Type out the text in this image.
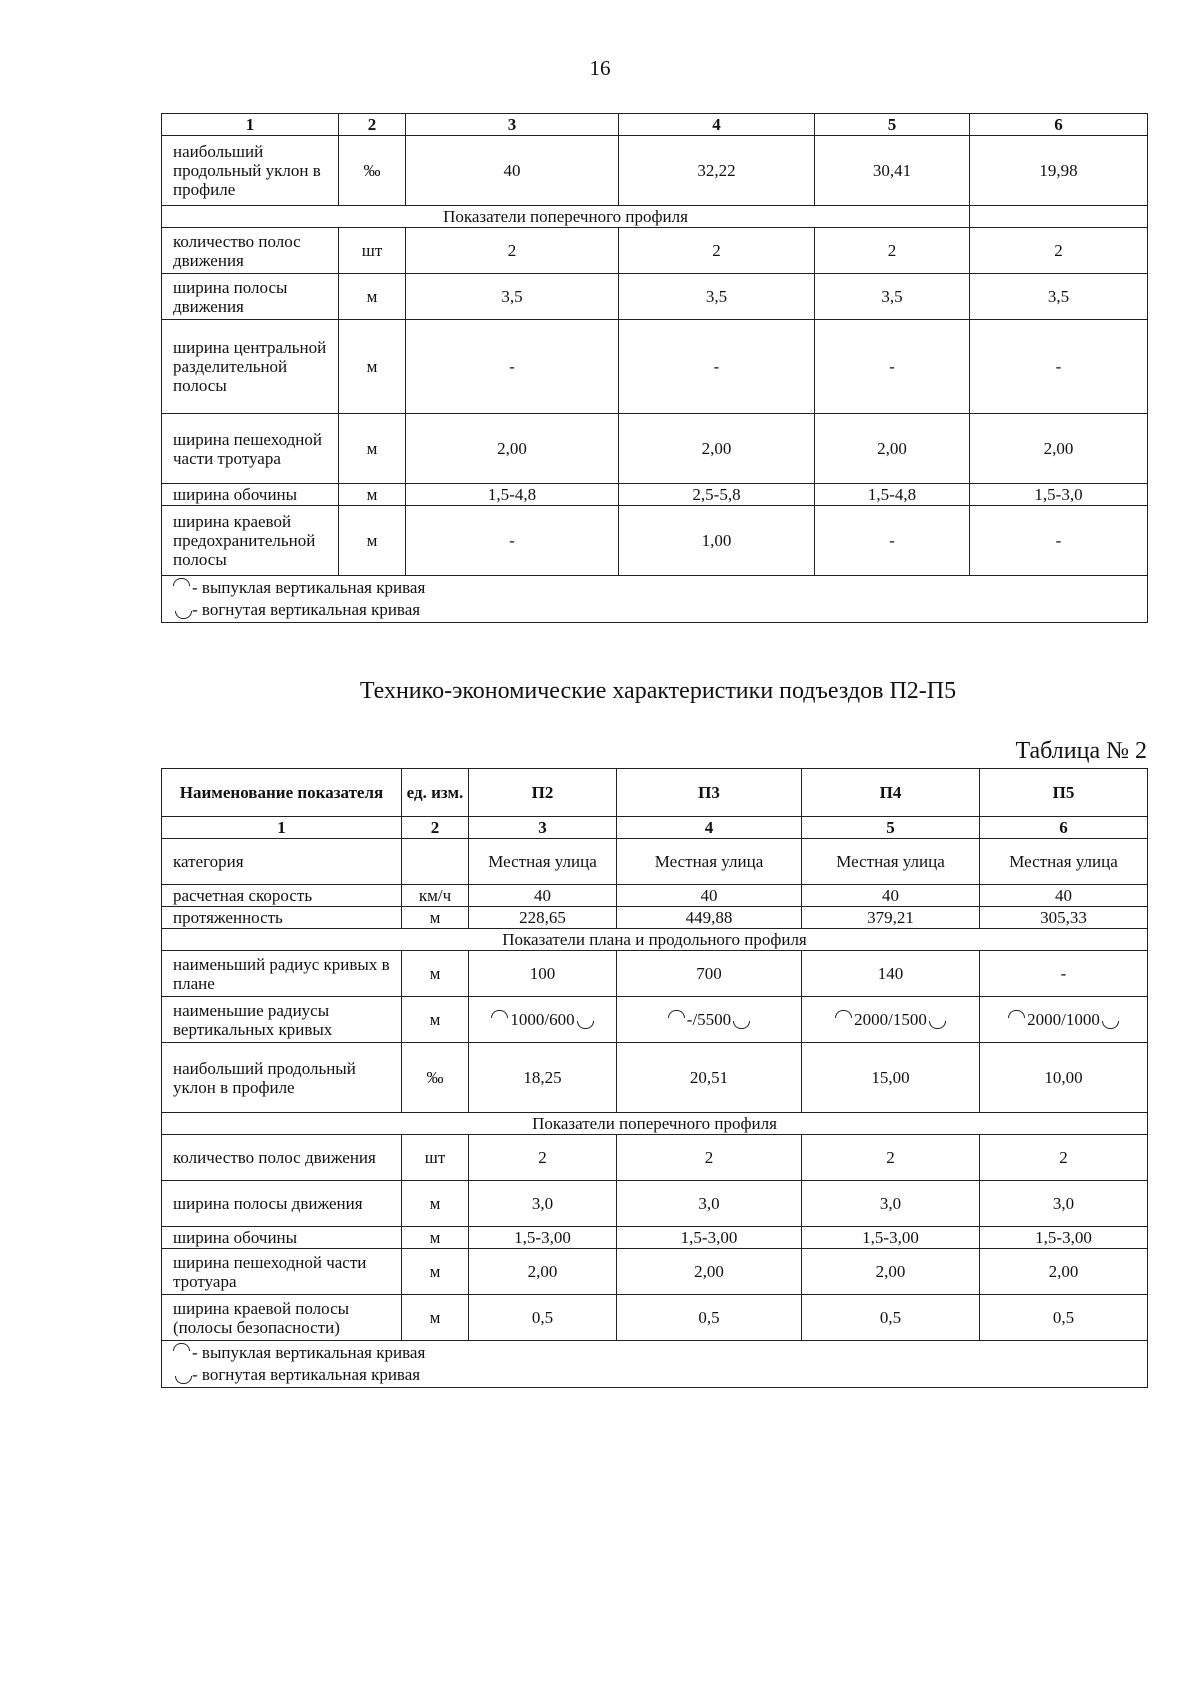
16
1	2	3	4	5	6
наибольший продольный уклон в профиле	‰	40	32,22	30,41	19,98
Показатели поперечного профиля					
количество полос движения	шт	2	2	2	2
ширина полосы движения	м	3,5	3,5	3,5	3,5
ширина центральной разделительной полосы	м	-	-	-	-
ширина пешеходной части тротуара	м	2,00	2,00	2,00	2,00
ширина обочины	м	1,5-4,8	2,5-5,8	1,5-4,8	1,5-3,0
ширина краевой предохранительной полосы	м	-	1,00	-	-

- выпуклая вертикальная кривая
- вогнутая вертикальная кривая					
Технико-экономические характеристики подъездов П2-П5
Таблица № 2
Наименование показателя	ед. изм.	П2	П3	П4	П5
1	2	3	4	5	6
категория		Местная улица	Местная улица	Местная улица	Местная улица
расчетная скорость	км/ч	40	40	40	40
протяженность	м	228,65	449,88	379,21	305,33
Показатели плана и продольного профиля					
наименьший радиус кривых в плане	м	100	700	140	-
наименьшие радиусы вертикальных кривых	м	1000/600	-/5500	2000/1500	2000/1000
наибольший продольный уклон в профиле	‰	18,25	20,51	15,00	10,00
Показатели поперечного профиля					
количество полос движения	шт	2	2	2	2
ширина полосы движения	м	3,0	3,0	3,0	3,0
ширина обочины	м	1,5-3,00	1,5-3,00	1,5-3,00	1,5-3,00
ширина пешеходной части тротуара	м	2,00	2,00	2,00	2,00
ширина краевой полосы (полосы безопасности)	м	0,5	0,5	0,5	0,5

- выпуклая вертикальная кривая
- вогнутая вертикальная кривая					
